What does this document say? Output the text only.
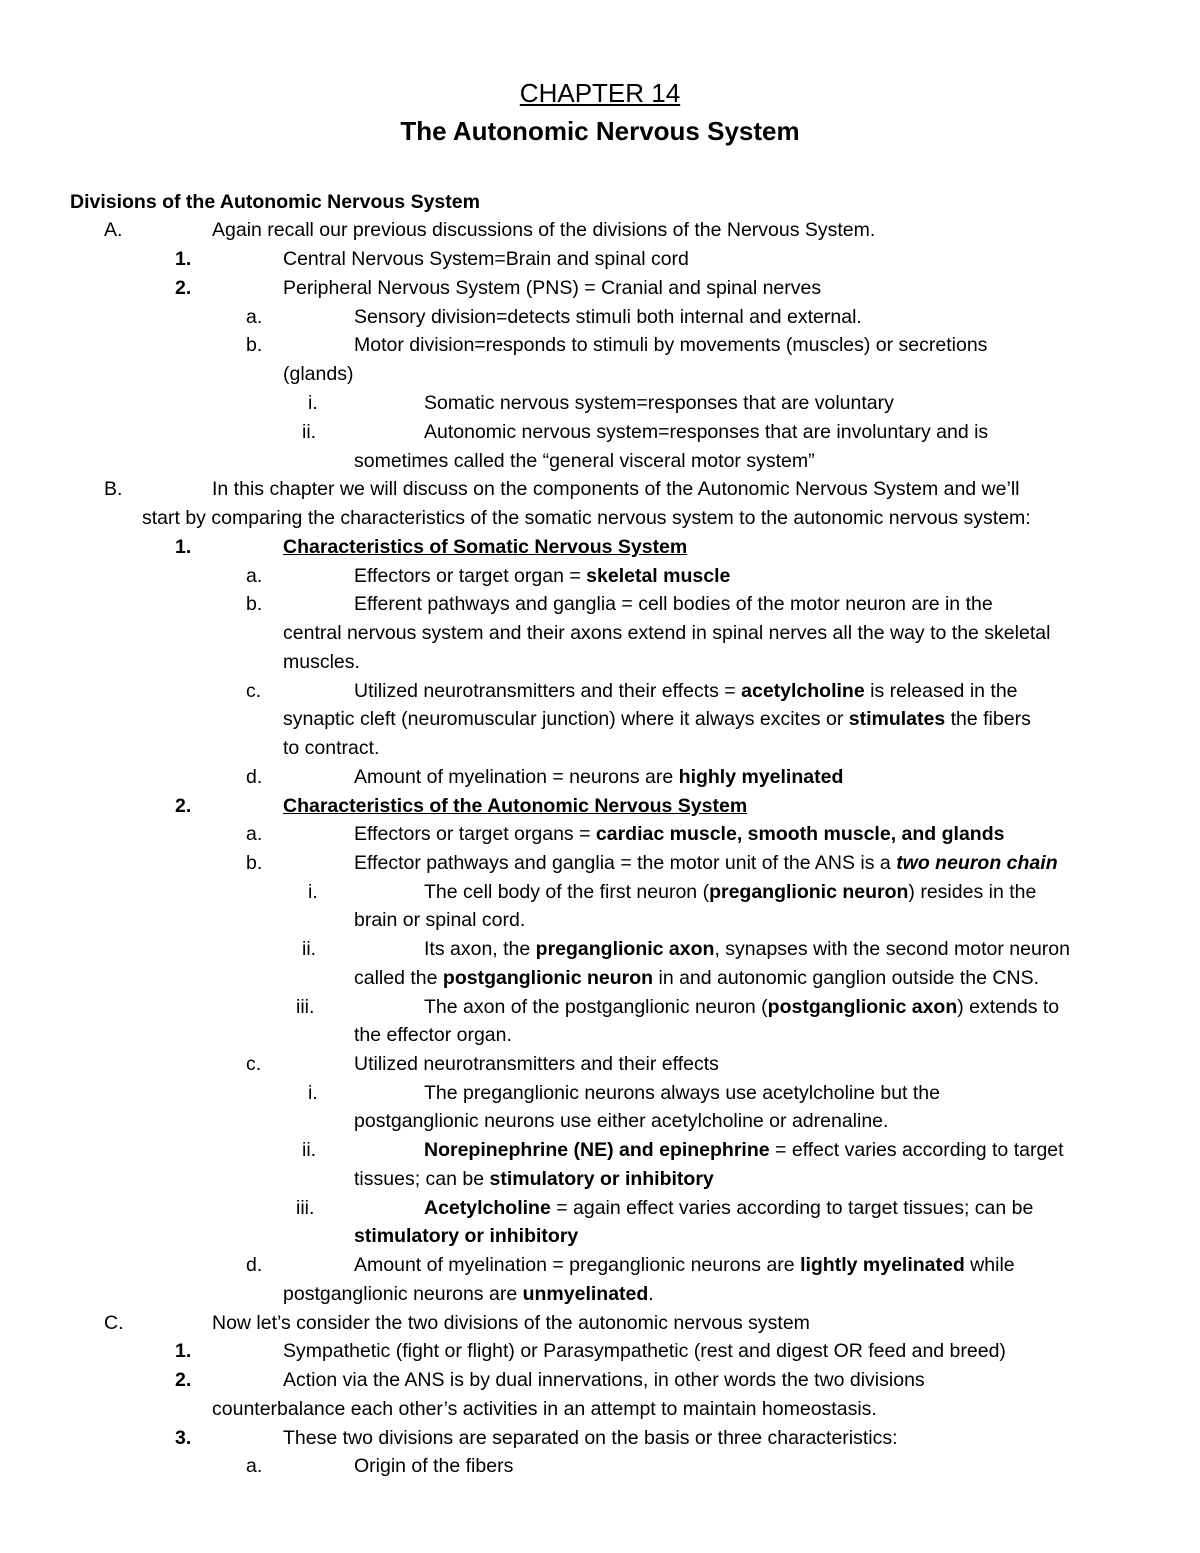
CHAPTER 14
The Autonomic Nervous System
Divisions of the Autonomic Nervous System
A.	Again recall our previous discussions of the divisions of the Nervous System.
1.	Central Nervous System=Brain and spinal cord
2.	Peripheral Nervous System (PNS) = Cranial and spinal nerves
a.	Sensory division=detects stimuli both internal and external.
b.	Motor division=responds to stimuli by movements (muscles) or secretions
(glands)
i.	Somatic nervous system=responses that are voluntary
ii.	Autonomic nervous system=responses that are involuntary and is
sometimes called the “general visceral motor system”
B.	In this chapter we will discuss on the components of the Autonomic Nervous System and we’ll
start by comparing the characteristics of the somatic nervous system to the autonomic nervous system:
1.	Characteristics of Somatic Nervous System
a.	Effectors or target organ = skeletal muscle
b.	Efferent pathways and ganglia = cell bodies of the motor neuron are in the
central nervous system and their axons extend in spinal nerves all the way to the skeletal
muscles.
c.	Utilized neurotransmitters and their effects = acetylcholine is released in the
synaptic cleft (neuromuscular junction) where it always excites or stimulates the fibers
to contract.
d.	Amount of myelination = neurons are highly myelinated
2.	Characteristics of the Autonomic Nervous System
a.	Effectors or target organs = cardiac muscle, smooth muscle, and glands
b.	Effector pathways and ganglia = the motor unit of the ANS is a two neuron chain
i.	The cell body of the first neuron (preganglionic neuron) resides in the
brain or spinal cord.
ii.	Its axon, the preganglionic axon, synapses with the second motor neuron
called the postganglionic neuron in and autonomic ganglion outside the CNS.
iii.	The axon of the postganglionic neuron (postganglionic axon) extends to
the effector organ.
c.	Utilized neurotransmitters and their effects
i.	The preganglionic neurons always use acetylcholine but the
postganglionic neurons use either acetylcholine or adrenaline.
ii.	Norepinephrine (NE) and epinephrine = effect varies according to target
tissues; can be stimulatory or inhibitory
iii.	Acetylcholine = again effect varies according to target tissues; can be
stimulatory or inhibitory
d.	Amount of myelination = preganglionic neurons are lightly myelinated while
postganglionic neurons are unmyelinated.
C.	Now let’s consider the two divisions of the autonomic nervous system
1.	Sympathetic (fight or flight) or Parasympathetic (rest and digest OR feed and breed)
2.	Action via the ANS is by dual innervations, in other words the two divisions
counterbalance each other’s activities in an attempt to maintain homeostasis.
3.	These two divisions are separated on the basis or three characteristics:
a.	Origin of the fibers
